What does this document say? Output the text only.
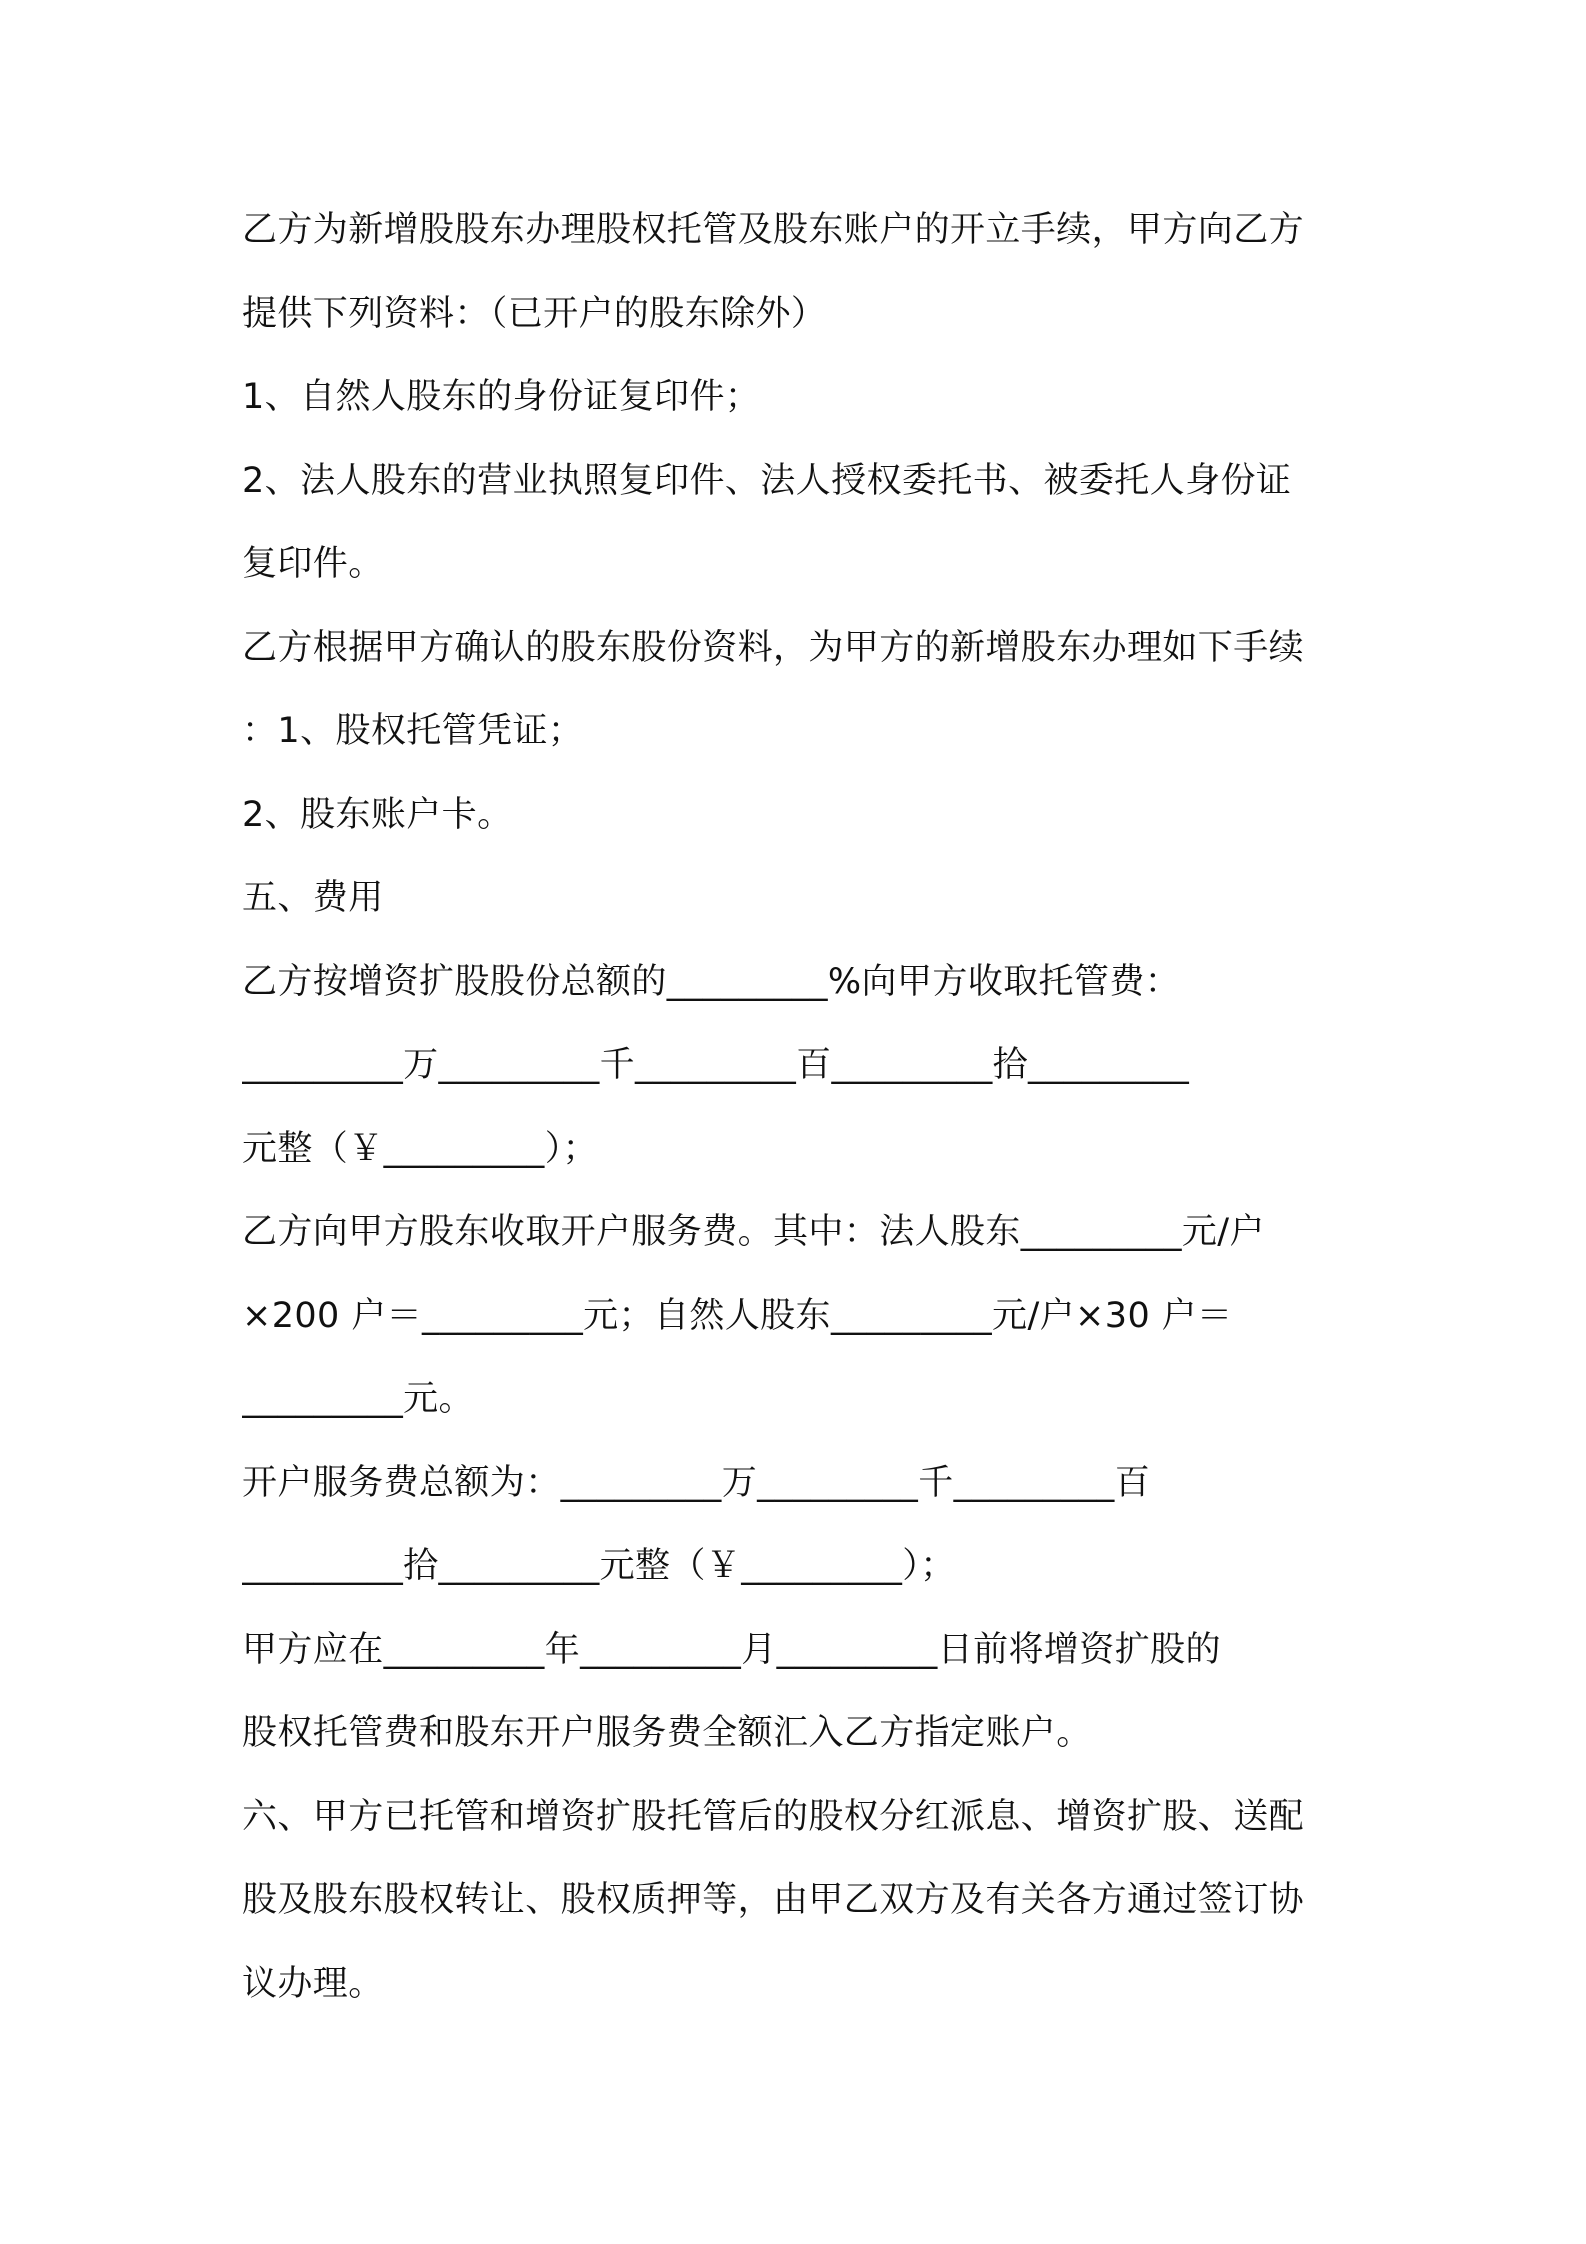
乙方为新增股股东办理股权托管及股东账户的开立手续，甲方向乙方
提供下列资料：（已开户的股东除外）
1、自然人股东的身份证复印件；
2、法人股东的营业执照复印件、法人授权委托书、被委托人身份证
复印件。
乙方根据甲方确认的股东股份资料，为甲方的新增股东办理如下手续
：1、股权托管凭证；
2、股东账户卡。
五、费用
乙方按增资扩股股份总额的_________%向甲方收取托管费：
_________万_________千_________百_________拾_________
元整（￥_________）；
乙方向甲方股东收取开户服务费。其中：法人股东_________元/户
×200 户＝_________元；自然人股东_________元/户×30 户＝
_________元。
开户服务费总额为：_________万_________千_________百
_________拾_________元整（￥_________）；
甲方应在_________年_________月_________日前将增资扩股的
股权托管费和股东开户服务费全额汇入乙方指定账户。
六、甲方已托管和增资扩股托管后的股权分红派息、增资扩股、送配
股及股东股权转让、股权质押等，由甲乙双方及有关各方通过签订协
议办理。
